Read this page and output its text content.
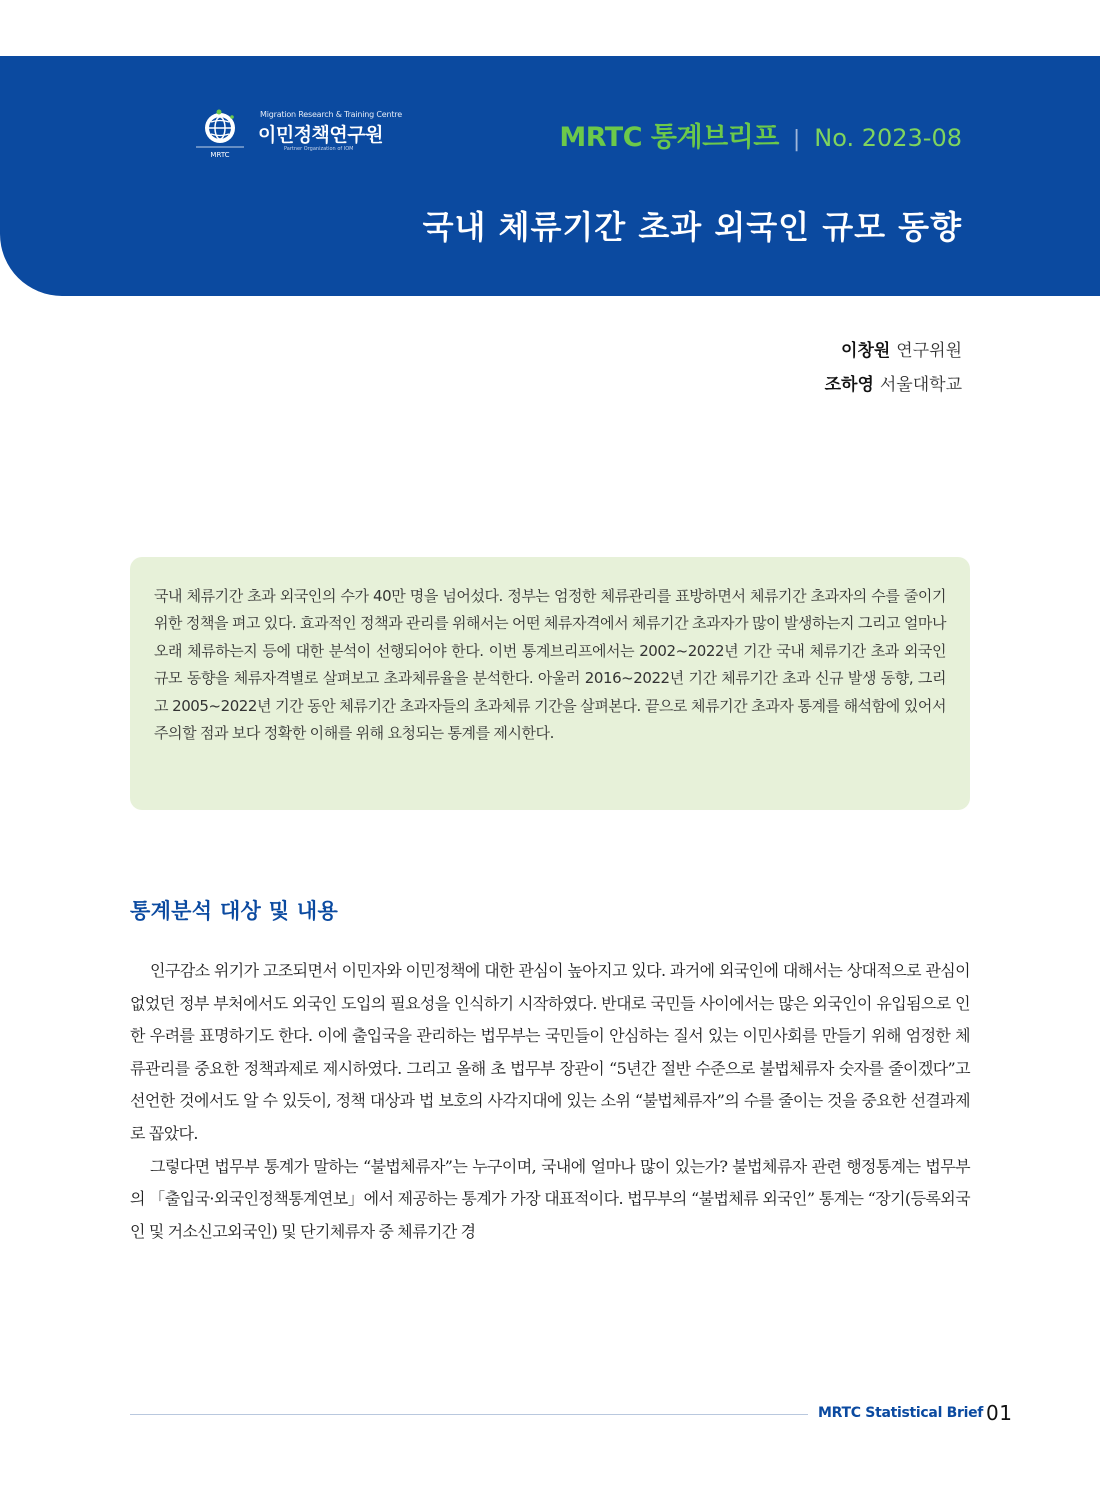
MRTC
Migration Research & Training Centre
이민정책연구원
Partner Organization of IOM	MRTC 통계브리프 | No. 2023-08
국내 체류기간 초과 외국인 규모 동향
이창원 연구위원
조하영 서울대학교
국내 체류기간 초과 외국인의 수가 40만 명을 넘어섰다. 정부는 엄정한 체류관리를 표방하면서 체류기간 초과자의 수를 줄이기 위한 정책을 펴고 있다. 효과적인 정책과 관리를 위해서는 어떤 체류자격에서 체류기간 초과자가 많이 발생하는지 그리고 얼마나 오래 체류하는지 등에 대한 분석이 선행되어야 한다. 이번 통계브리프에서는 2002~2022년 기간 국내 체류기간 초과 외국인 규모 동향을 체류자격별로 살펴보고 초과체류율을 분석한다. 아울러 2016~2022년 기간 체류기간 초과 신규 발생 동향, 그리고 2005~2022년 기간 동안 체류기간 초과자들의 초과체류 기간을 살펴본다. 끝으로 체류기간 초과자 통계를 해석함에 있어서 주의할 점과 보다 정확한 이해를 위해 요청되는 통계를 제시한다.
통계분석 대상 및 내용

인구감소 위기가 고조되면서 이민자와 이민정책에 대한 관심이 높아지고 있다. 과거에 외국인에 대해서는 상대적으로 관심이 없었던 정부 부처에서도 외국인 도입의 필요성을 인식하기 시작하였다. 반대로 국민들 사이에서는 많은 외국인이 유입됨으로 인한 우려를 표명하기도 한다. 이에 출입국을 관리하는 법무부는 국민들이 안심하는 질서 있는 이민사회를 만들기 위해 엄정한 체류관리를 중요한 정책과제로 제시하였다. 그리고 올해 초 법무부 장관이 “5년간 절반 수준으로 불법체류자 숫자를 줄이겠다”고 선언한 것에서도 알 수 있듯이, 정책 대상과 법 보호의 사각지대에 있는 소위 “불법체류자”의 수를 줄이는 것을 중요한 선결과제로 꼽았다.

그렇다면 법무부 통계가 말하는 “불법체류자”는 누구이며, 국내에 얼마나 많이 있는가? 불법체류자 관련 행정통계는 법무부의 「출입국·외국인정책통계연보」에서 제공하는 통계가 가장 대표적이다. 법무부의 “불법체류 외국인” 통계는 “장기(등록외국인 및 거소신고외국인) 및 단기체류자 중 체류기간 경

MRTC Statistical Brief 01
